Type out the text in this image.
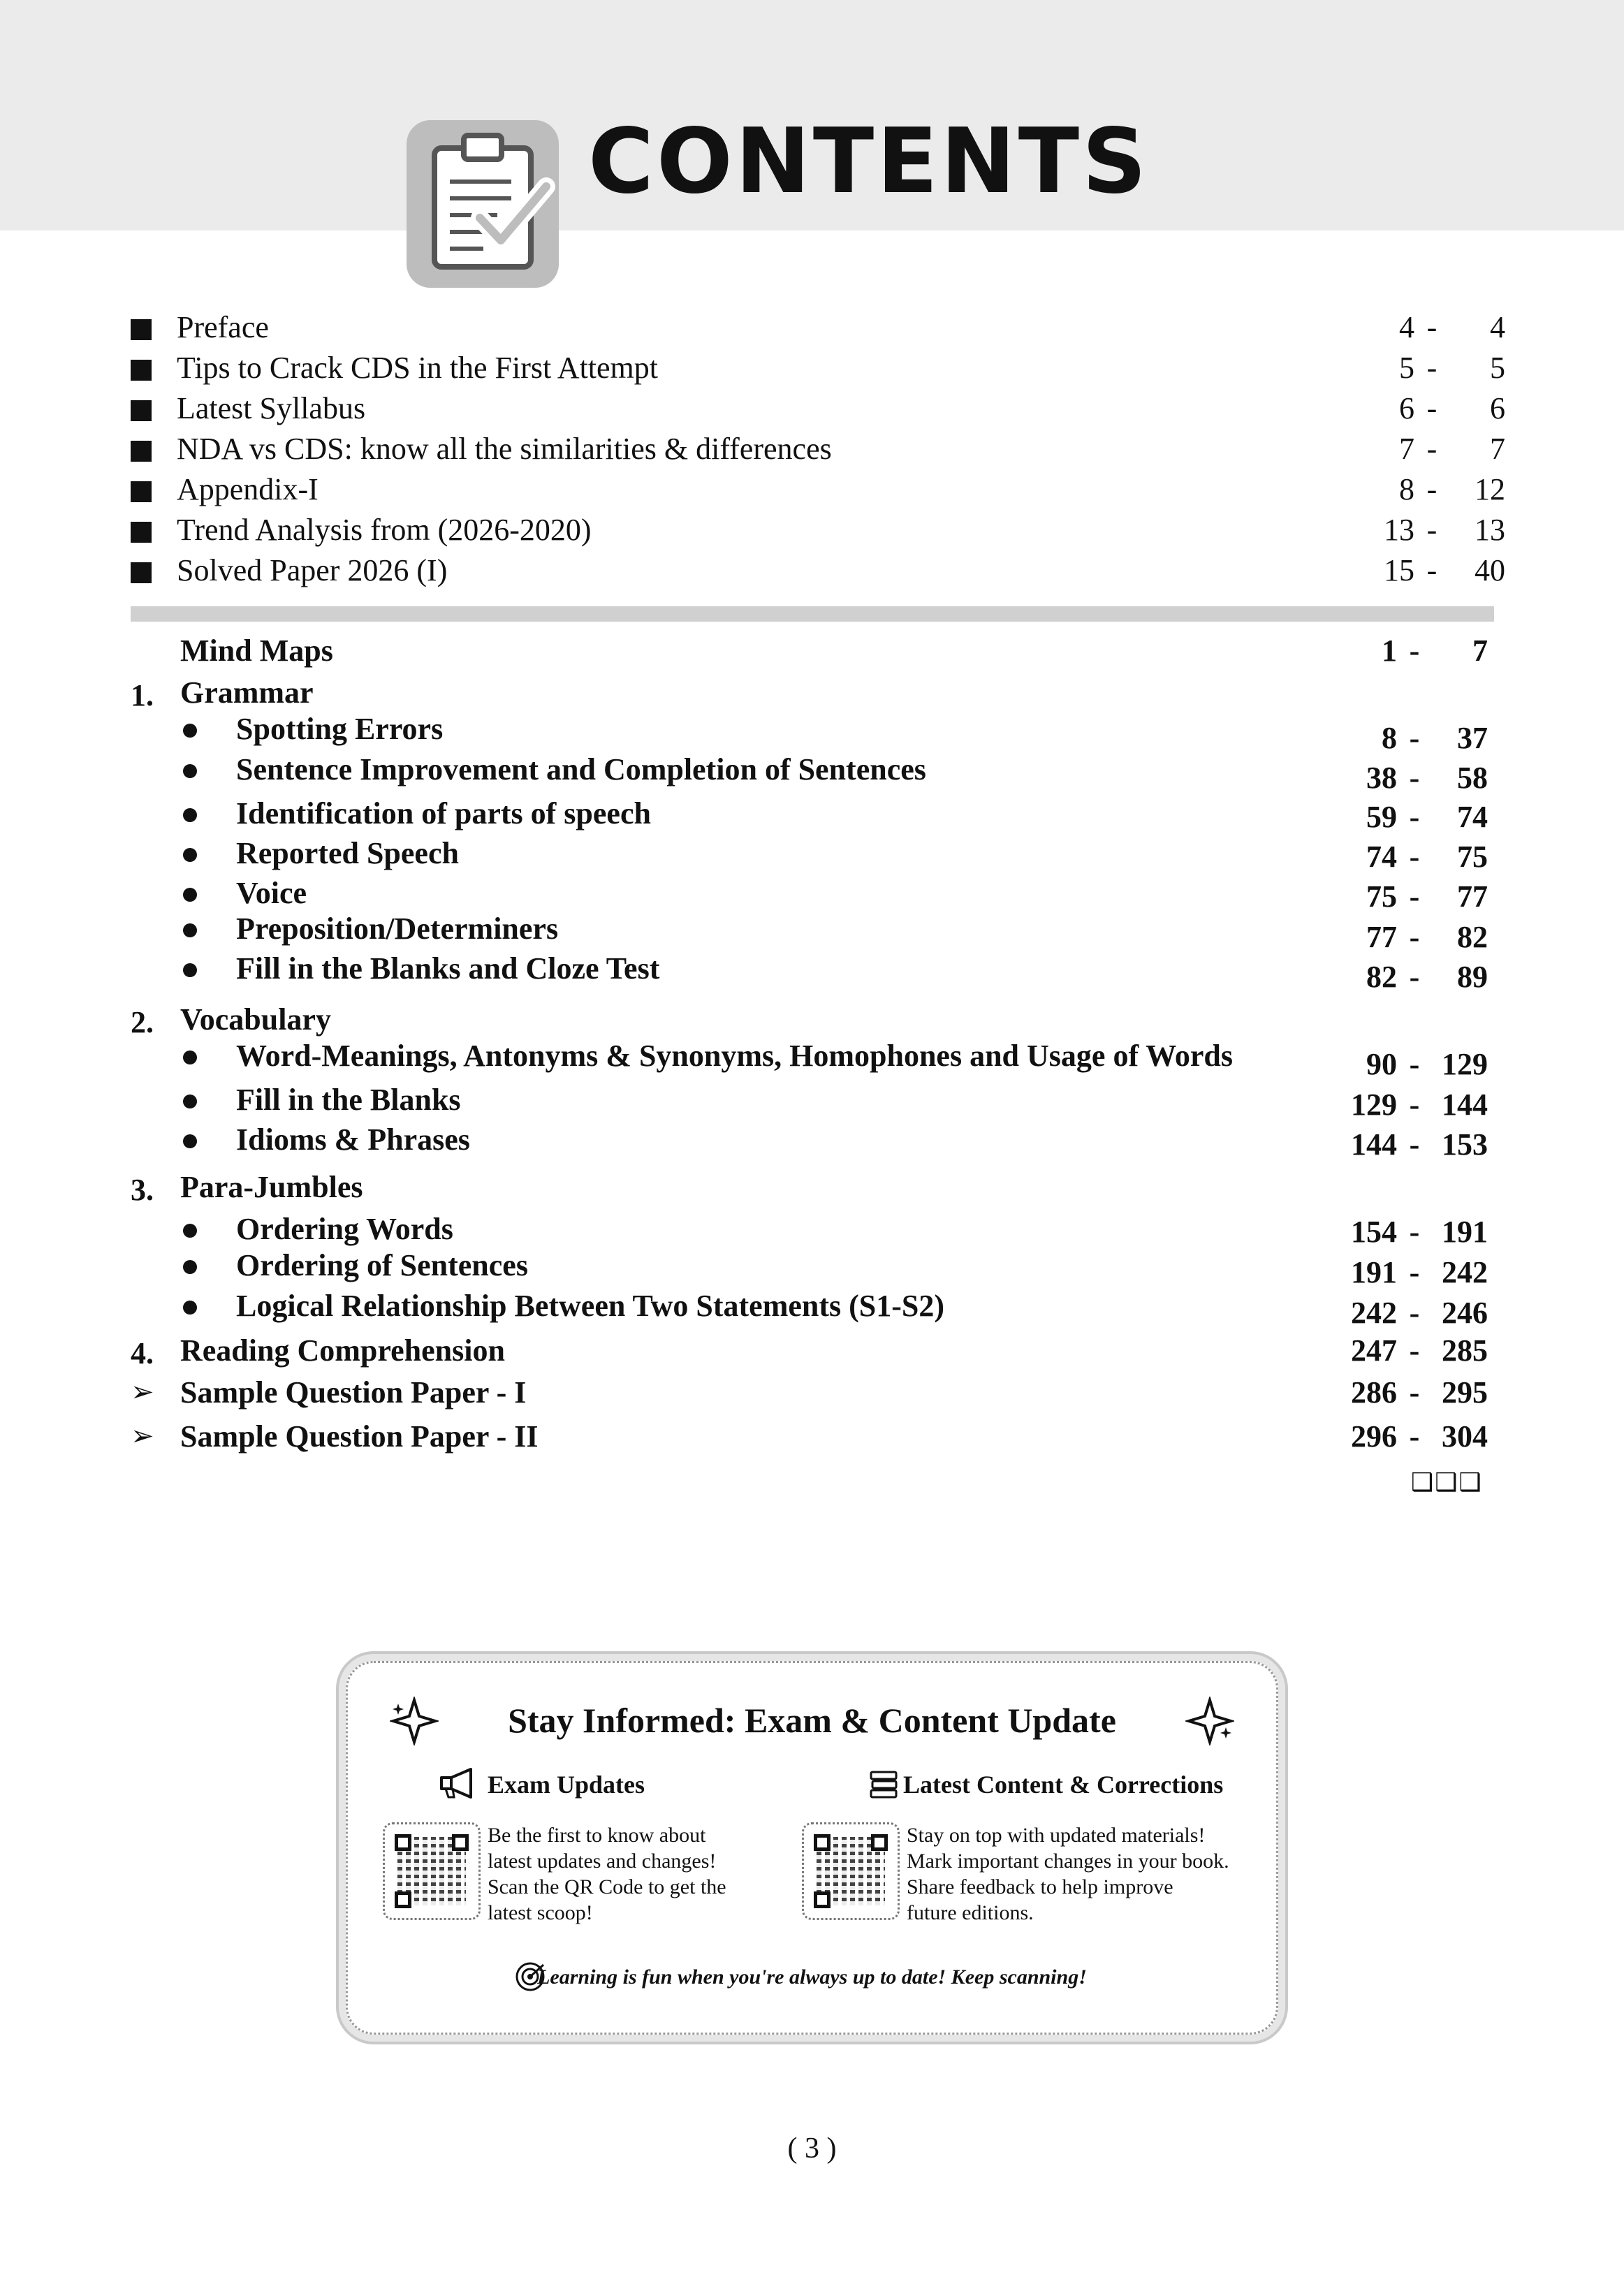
CONTENTS
Preface	4 -	4
Tips to Crack CDS in the First Attempt	5 -	5
Latest Syllabus	6 -	6
NDA vs CDS: know all the similarities & differences	7 -	7
Appendix-I	8 -	12
Trend Analysis from (2026-2020)	13 -	13
Solved Paper 2026 (I)	15 -	40
Mind Maps	1 -	7
1. Grammar
Spotting Errors	8 -	37
Sentence Improvement and Completion of Sentences	38 -	58
Identification of parts of speech	59 -	74
Reported Speech	74 -	75
Voice	75 -	77
Preposition/Determiners	77 -	82
Fill in the Blanks and Cloze Test	82 -	89
2. Vocabulary
Word-Meanings, Antonyms & Synonyms, Homophones and Usage of Words	90 - 129
Fill in the Blanks	129 - 144
Idioms & Phrases	144 - 153
3. Para-Jumbles
Ordering Words	154 - 191
Ordering of Sentences	191 - 242
Logical Relationship Between Two Statements (S1-S2)	242 - 246
4. Reading Comprehension	247 - 285
➢ Sample Question Paper - I	286 - 295
➢ Sample Question Paper - II	296 - 304
❑❑❑
Stay Informed: Exam & Content Update
Exam Updates
Be the first to know about
latest updates and changes!
Scan the QR Code to get the
latest scoop!
Latest Content & Corrections
Stay on top with updated materials!
Mark important changes in your book.
Share feedback to help improve
future editions.
Learning is fun when you're always up to date! Keep scanning!
( 3 )
